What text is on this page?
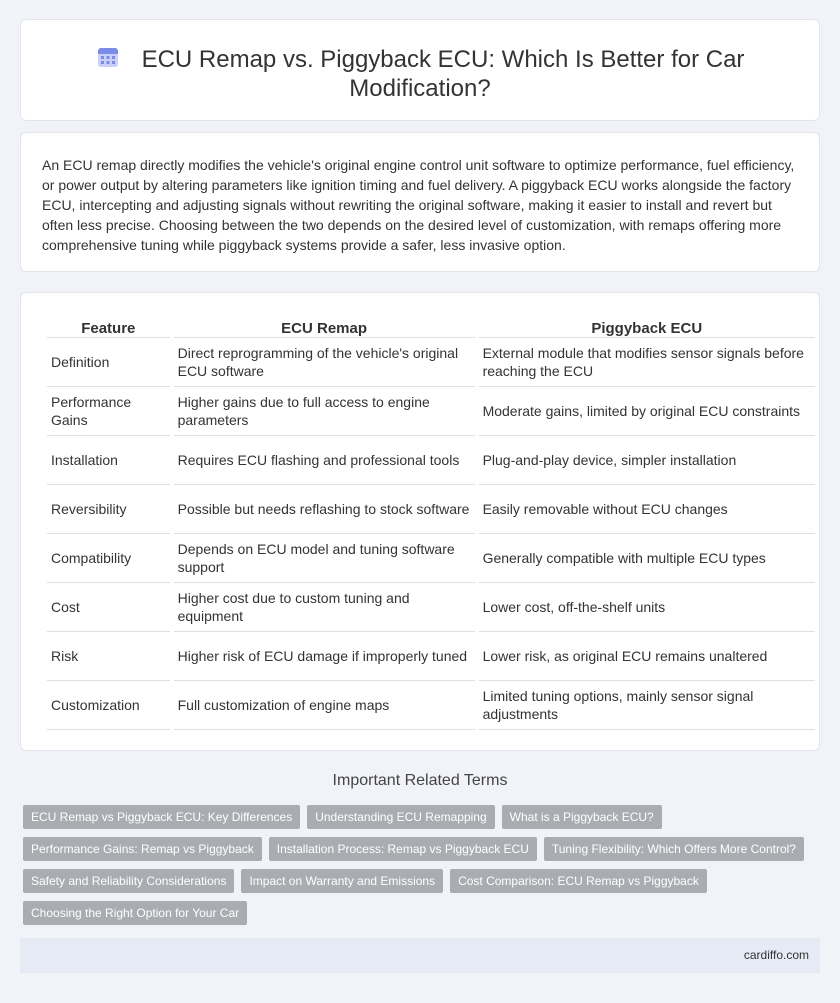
ECU Remap vs. Piggyback ECU: Which Is Better for Car
Modification?

An ECU remap directly modifies the vehicle's original engine control unit software to optimize performance, fuel efficiency, or power output by altering parameters like ignition timing and fuel delivery. A piggyback ECU works alongside the factory ECU, intercepting and adjusting signals without rewriting the original software, making it easier to install and revert but often less precise. Choosing between the two depends on the desired level of customization, with remaps offering more comprehensive tuning while piggyback systems provide a safer, less invasive option.

Feature	ECU Remap	Piggyback ECU
Definition	Direct reprogramming of the vehicle's original ECU software	External module that modifies sensor signals before reaching the ECU
Performance Gains	Higher gains due to full access to engine parameters	Moderate gains, limited by original ECU constraints
Installation	Requires ECU flashing and professional tools	Plug-and-play device, simpler installation
Reversibility	Possible but needs reflashing to stock software	Easily removable without ECU changes
Compatibility	Depends on ECU model and tuning software support	Generally compatible with multiple ECU types
Cost	Higher cost due to custom tuning and equipment	Lower cost, off-the-shelf units
Risk	Higher risk of ECU damage if improperly tuned	Lower risk, as original ECU remains unaltered
Customization	Full customization of engine maps	Limited tuning options, mainly sensor signal adjustments
Important Related Terms
ECU Remap vs Piggyback ECU: Key Differences	Understanding ECU Remapping	What is a Piggyback ECU?
Performance Gains: Remap vs Piggyback	Installation Process: Remap vs Piggyback ECU	Tuning Flexibility: Which Offers More Control?
Safety and Reliability Considerations	Impact on Warranty and Emissions	Cost Comparison: ECU Remap vs Piggyback
Choosing the Right Option for Your Car
cardiffo.com
